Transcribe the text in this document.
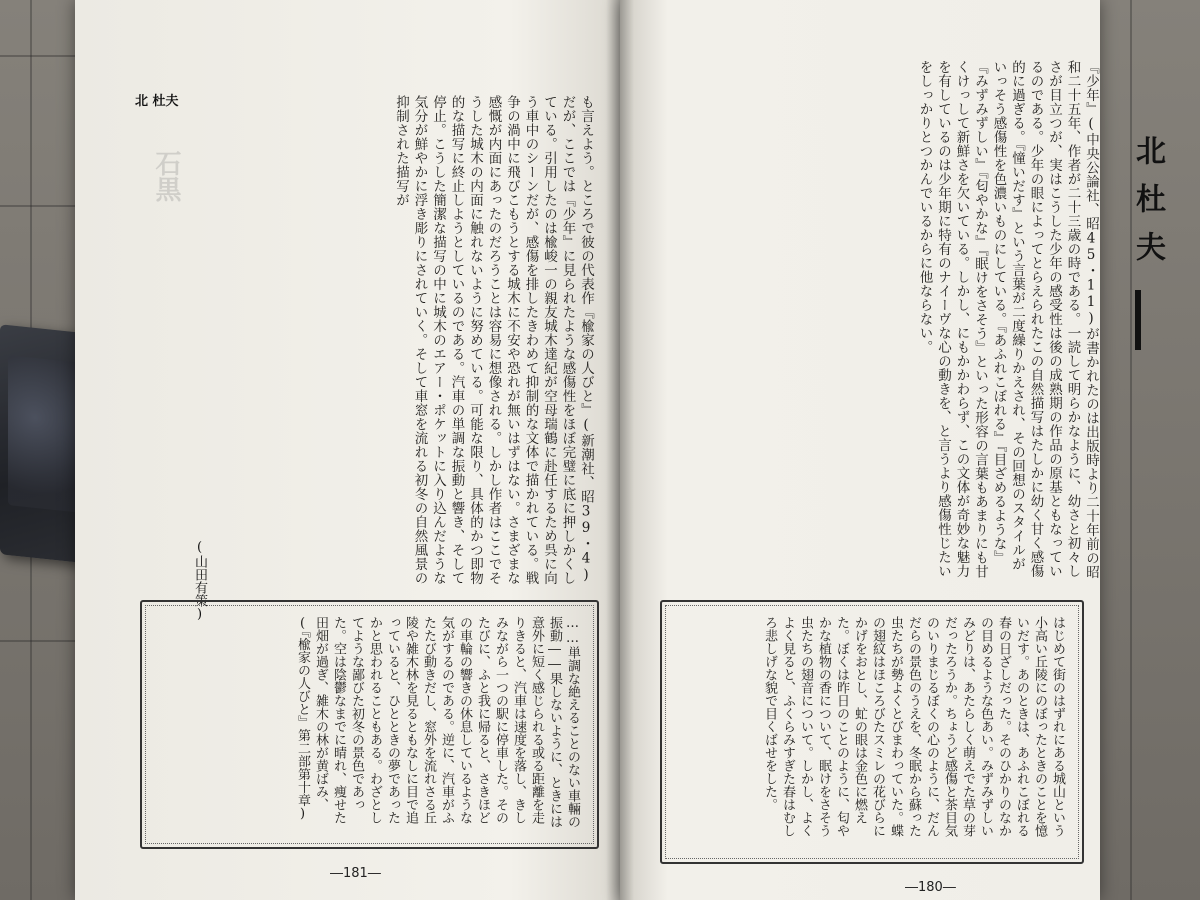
北 杜夫
石黒	も言えよう。ところで彼の代表作『楡家の人びと』(新潮社、昭39・4)だが、ここでは『少年』に見られたような感傷性をほぼ完璧に底に押しかくしている。引用したのは楡峻一の親友城木達紀が空母瑞鶴に赴任するため呉に向う車中のシーンだが、感傷を排したきわめて抑制的な文体で描かれている。戦争の渦中に飛びこもうとする城木に不安や恐れが無いはずはない。さまざまな感慨が内面にあったのだろうことは容易に想像される。しかし作者はここでそうした城木の内面に触れないように努めている。可能な限り、具体的かつ即物的な描写に終止しようとしているのである。汽車の単調な振動と響き、そして停止。こうした簡潔な描写の中に城木のエアー・ポケットに入り込んだような気分が鮮やかに浮き彫りにされていく。そして車窓を流れる初冬の自然風景の抑制された描写が
(山田有策)
……単調な絶えることのない車輛の振動――果しないように、ときには意外に短く感じられる或る距離を走りきると、汽車は速度を落し、きしみながら一つの駅に停車した。そのたびに、ふと我に帰ると、さきほどの車輪の響きの休息しているような気がするのである。逆に、汽車がふたたび動きだし、窓外を流れさる丘陵や雑木林を見るともなしに目で追っていると、ひとときの夢であったかと思われることもある。わざとしてような鄙びた初冬の景色であった。空は陰鬱なまでに晴れ、痩せた田畑が過ぎ、雑木の林が黄ばみ、(『楡家の人びと』第二部第十章)
―181―
北杜夫
『少年』(中央公論社、昭45・11)が書かれたのは出版時より二十年前の昭和二十五年、作者が二十三歳の時である。一読して明らかなように、幼さと初々しさが目立つが、実はこうした少年の感受性は後の成熟期の作品の原基ともなっているのである。少年の眼によってとらえられたこの自然描写はたしかに幼く甘く感傷的に過ぎる。『憧いだす』という言葉が二度繰りかえされ、その回想のスタイルがいっそう感傷性を色濃いものにしている。『あふれこぼれる』『目ざめるような』『みずみずしい』『匂やかな』『眠けをさそう』といった形容の言葉もあまりにも甘くけっして新鮮さを欠いている。しかし、にもかかわらず、この文体が奇妙な魅力を有しているのは少年期に特有のナイーヴな心の動きを、と言うより感傷性じたいをしっかりとつかんでいるからに他ならない。
はじめて街のはずれにある城山という小高い丘陵にのぼったときのことを憶いだす。あのときは、あふれこぼれる春の日ざしだった。そのひかりのなかの目めるような色あい。みずみずしいみどりは、あたらしく萌えでた草の芽だったろうか。ちょうど感傷と茶目気のいりまじるぼくの心のように、だんだらの景色のうえを、冬眠から蘇った虫たちが勢よくとびまわっていた。蝶の翅紋はほころびたスミレの花びらにかげをおとし、虻の眼は金色に燃えた。ぼくは昨日のことのように、匂やかな植物の香について、眠けをさそう虫たちの翅音について。しかし、よくよく見ると、ふくらみすぎた春はむしろ悲しげな貌で目くばせをした。
―180―
